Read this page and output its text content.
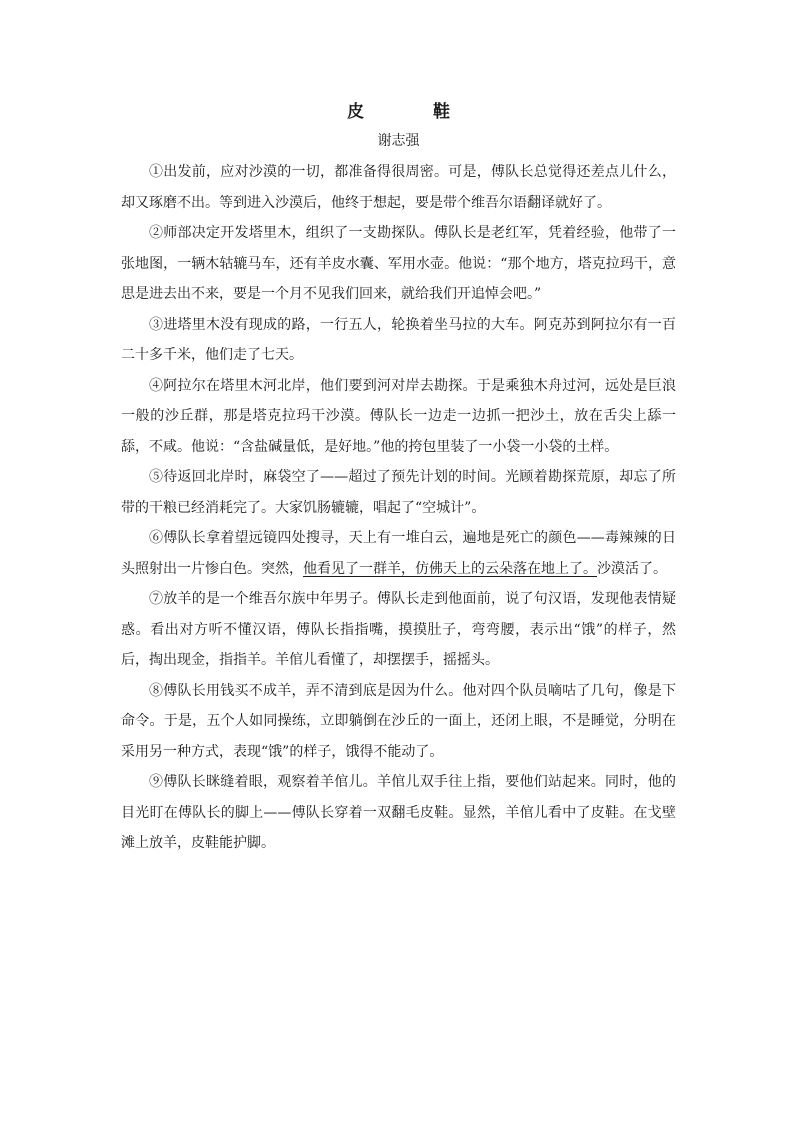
皮　鞋
谢志强

①出发前，应对沙漠的一切，都准备得很周密。可是，傅队长总觉得还差点儿什么，却又琢磨不出。等到进入沙漠后，他终于想起，要是带个维吾尔语翻译就好了。

②师部决定开发塔里木，组织了一支勘探队。傅队长是老红军，凭着经验，他带了一张地图，一辆木轱辘马车，还有羊皮水囊、军用水壶。他说：“那个地方，塔克拉玛干，意思是进去出不来，要是一个月不见我们回来，就给我们开追悼会吧。”

③进塔里木没有现成的路，一行五人，轮换着坐马拉的大车。阿克苏到阿拉尔有一百二十多千米，他们走了七天。

④阿拉尔在塔里木河北岸，他们要到河对岸去勘探。于是乘独木舟过河，远处是巨浪一般的沙丘群，那是塔克拉玛干沙漠。傅队长一边走一边抓一把沙土，放在舌尖上舔一舔，不咸。他说：“含盐碱量低，是好地。”他的挎包里装了一小袋一小袋的土样。

⑤待返回北岸时，麻袋空了——超过了预先计划的时间。光顾着勘探荒原，却忘了所带的干粮已经消耗完了。大家饥肠辘辘，唱起了“空城计”。

⑥傅队长拿着望远镜四处搜寻，天上有一堆白云，遍地是死亡的颜色——毒辣辣的日头照射出一片惨白色。突然，他看见了一群羊，仿佛天上的云朵落在地上了。沙漠活了。

⑦放羊的是一个维吾尔族中年男子。傅队长走到他面前，说了句汉语，发现他表情疑惑。看出对方听不懂汉语，傅队长指指嘴，摸摸肚子，弯弯腰，表示出“饿”的样子，然后，掏出现金，指指羊。羊倌儿看懂了，却摆摆手，摇摇头。

⑧傅队长用钱买不成羊，弄不清到底是因为什么。他对四个队员嘀咕了几句，像是下命令。于是，五个人如同操练，立即躺倒在沙丘的一面上，还闭上眼，不是睡觉，分明在采用另一种方式，表现“饿”的样子，饿得不能动了。

⑨傅队长眯缝着眼，观察着羊倌儿。羊倌儿双手往上指，要他们站起来。同时，他的目光盯在傅队长的脚上——傅队长穿着一双翻毛皮鞋。显然，羊倌儿看中了皮鞋。在戈壁滩上放羊，皮鞋能护脚。
